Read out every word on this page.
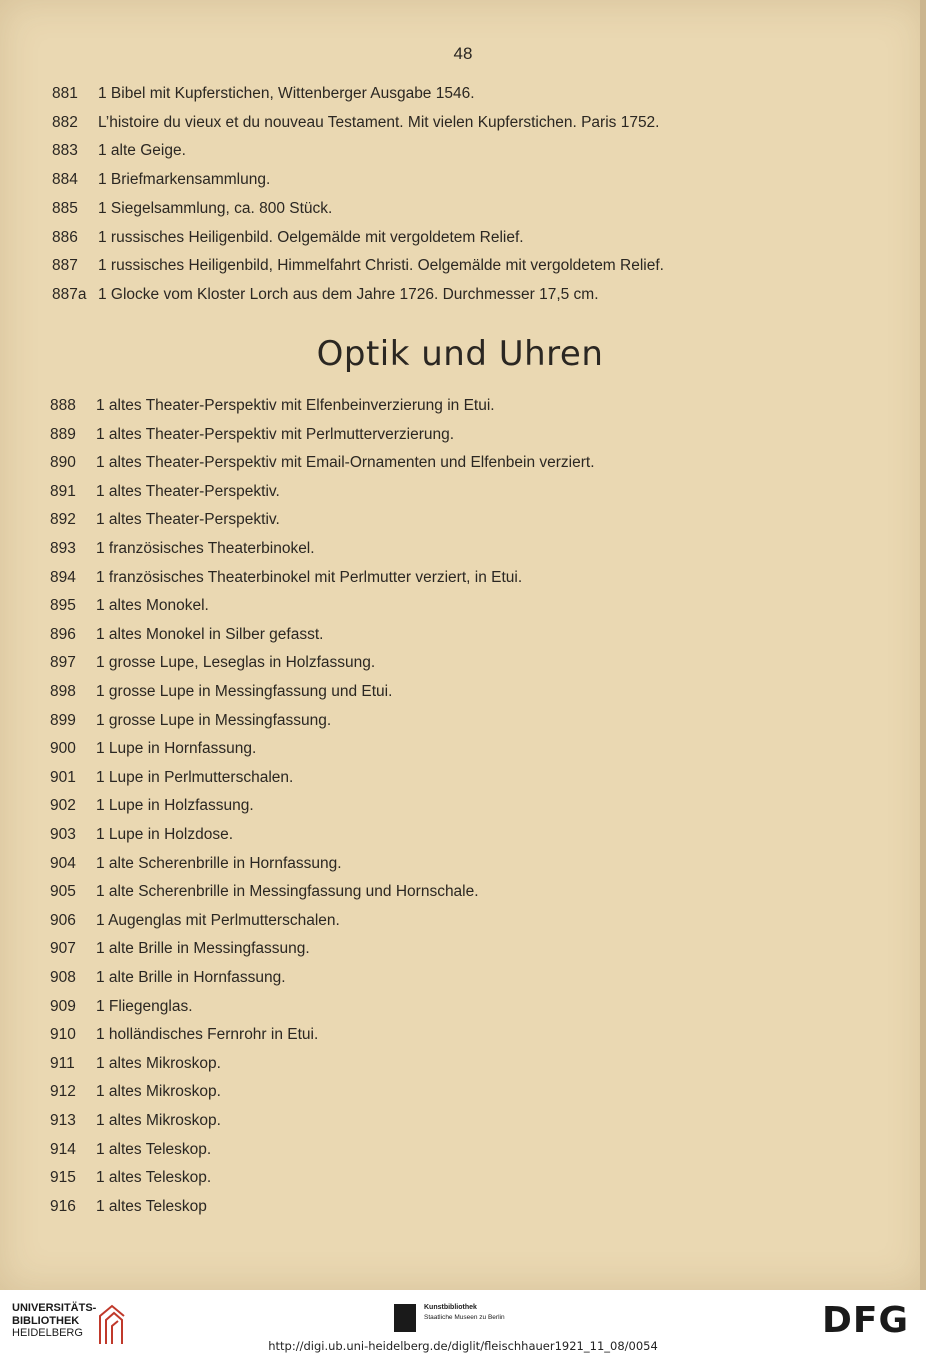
48
881 1 Bibel mit Kupferstichen, Wittenberger Ausgabe 1546.
882 L’histoire du vieux et du nouveau Testament. Mit vielen Kupferstichen. Paris 1752.
883 1 alte Geige.
884 1 Briefmarkensammlung.
885 1 Siegelsammlung, ca. 800 Stück.
886 1 russisches Heiligenbild. Oelgemälde mit vergoldetem Relief.
887 1 russisches Heiligenbild, Himmelfahrt Christi. Oelgemälde mit vergoldetem Relief.
887a 1 Glocke vom Kloster Lorch aus dem Jahre 1726. Durchmesser 17,5 cm.
Optik und Uhren
888 1 altes Theater-Perspektiv mit Elfenbeinverzierung in Etui.
889 1 altes Theater-Perspektiv mit Perlmutterverzierung.
890 1 altes Theater-Perspektiv mit Email-Ornamenten und Elfenbein verziert.
891 1 altes Theater-Perspektiv.
892 1 altes Theater-Perspektiv.
893 1 französisches Theaterbinokel.
894 1 französisches Theaterbinokel mit Perlmutter verziert, in Etui.
895 1 altes Monokel.
896 1 altes Monokel in Silber gefasst.
897 1 grosse Lupe, Leseglas in Holzfassung.
898 1 grosse Lupe in Messingfassung und Etui.
899 1 grosse Lupe in Messingfassung.
900 1 Lupe in Hornfassung.
901 1 Lupe in Perlmutterschalen.
902 1 Lupe in Holzfassung.
903 1 Lupe in Holzdose.
904 1 alte Scherenbrille in Hornfassung.
905 1 alte Scherenbrille in Messingfassung und Hornschale.
906 1 Augenglas mit Perlmutterschalen.
907 1 alte Brille in Messingfassung.
908 1 alte Brille in Hornfassung.
909 1 Fliegenglas.
910 1 holländisches Fernrohr in Etui.
911 1 altes Mikroskop.
912 1 altes Mikroskop.
913 1 altes Mikroskop.
914 1 altes Teleskop.
915 1 altes Teleskop.
916 1 altes Teleskop
UNIVERSITÄTS-
BIBLIOTHEK
HEIDELBERG
Kunstbibliothek
Staatliche Museen zu Berlin	DFG
http://digi.ub.uni-heidelberg.de/diglit/fleischhauer1921_11_08/0054
